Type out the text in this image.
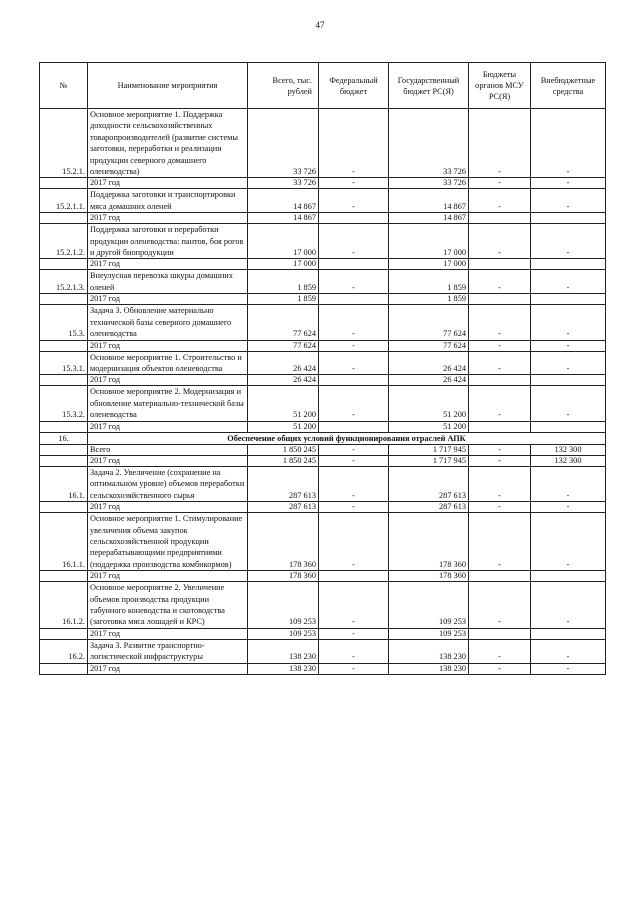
47
№	Наименование мероприятия	Всего, тыс. рублей	Федеральный бюджет	Государственный бюджет РС(Я)	Бюджеты органов МСУ РС(Я)	Внебюджетные средства
15.2.1.	Основное мероприятие 1. Поддержка доходности сельскохозяйственных товаропроизводителей (развитие системы заготовки, переработки и реализации продукции северного домашнего оленеводства)	33 726	-	33 726	-	-
	2017 год	33 726	-	33 726	-	-
15.2.1.1.	Поддержка заготовки и транспортировки мяса домашних оленей	14 867	-	14 867	-	-
	2017 год	14 867		14 867		
15.2.1.2.	Поддержка заготовки и переработки продукции оленеводства: пантов, боя рогов и другой биопродукции	17 000	-	17 000	-	-
	2017 год	17 000		17 000		
15.2.1.3.	Внеулусная перевозка шкуры домашних оленей	1 859	-	1 859	-	-
	2017 год	1 859		1 859		
15.3.	Задача 3. Обновление материально технической базы северного домашнего оленеводства	77 624	-	77 624	-	-
	2017 год	77 624	-	77 624	-	-
15.3.1.	Основное мероприятие 1. Строительство и модернизация объектов оленеводства	26 424	-	26 424	-	-
	2017 год	26 424		26 424		
15.3.2.	Основное мероприятие 2. Модернизация и обновление материально-технической базы оленеводства	51 200	-	51 200	-	-
	2017 год	51 200		51 200		
16.	Обеспечение общих условий функционирования отраслей АПК					
	Всего	1 850 245	-	1 717 945	-	132 300
	2017 год	1 850 245	-	1 717 945	-	132 300
16.1.	Задача 2. Увеличение (сохранение на оптимальном уровне) объемов переработки сельскохозяйственного сырья	287 613	-	287 613	-	-
	2017 год	287 613	-	287 613	-	-
16.1.1.	Основное мероприятие 1. Стимулирование увеличения объема закупок сельскохозяйственной продукции перерабатывающими предприятиями (поддержка производства комбикормов)	178 360	-	178 360	-	-
	2017 год	178 360		178 360		
16.1.2.	Основное мероприятие 2. Увеличение объемов производства продукции табунного коневодства и скотоводства (заготовка мяса лошадей и КРС)	109 253	-	109 253	-	-
	2017 год	109 253	-	109 253		
16.2.	Задача 3. Развитие транспортно-логистической инфраструктуры	138 230	-	138 230	-	-
	2017 год	138 230	-	138 230	-	-
